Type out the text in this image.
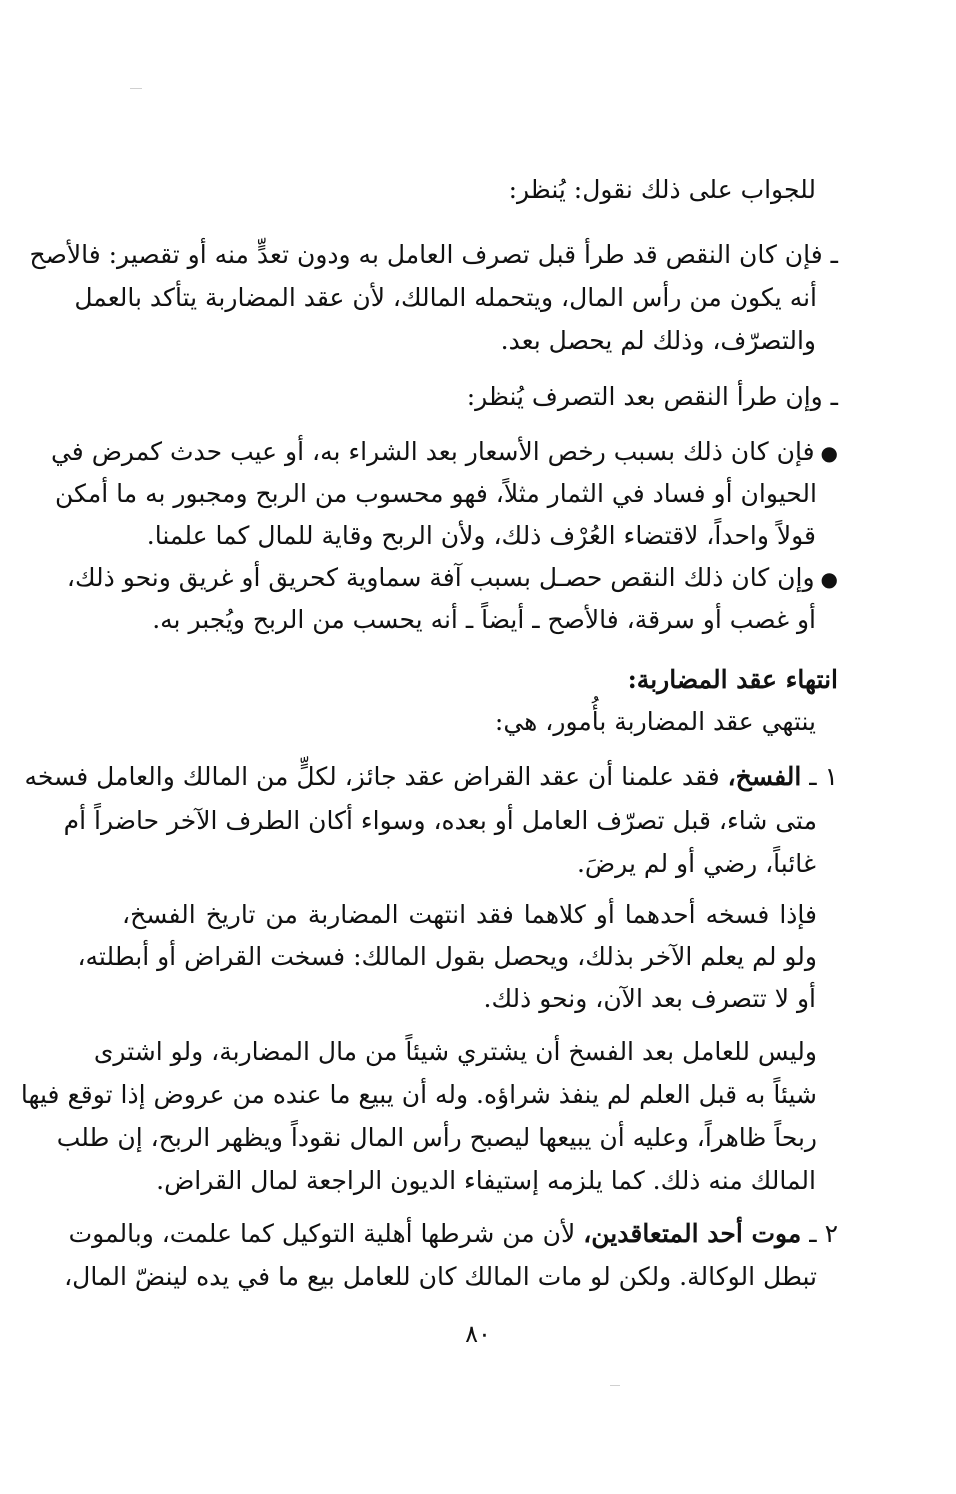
للجواب على ذلك نقول: يُنظر:
ـ فإن كان النقص قد طرأ قبل تصرف العامل به ودون تعدٍّ منه أو تقصير: فالأصح
أنه يكون من رأس المال، ويتحمله المالك، لأن عقد المضاربة يتأكد بالعمل
والتصرّف، وذلك لم يحصل بعد.
ـ وإن طرأ النقص بعد التصرف يُنظر:
●فإن كان ذلك بسبب رخص الأسعار بعد الشراء به، أو عيب حدث كمرض في
الحيوان أو فساد في الثمار مثلاً، فهو محسوب من الربح ومجبور به ما أمكن
قولاً واحداً، لاقتضاء العُرْف ذلك، ولأن الربح وقاية للمال كما علمنا.
●وإن كان ذلك النقص حصـل بسبب آفة سماوية كحريق أو غريق ونحو ذلك،
أو غصب أو سرقة، فالأصح ـ أيضاً ـ أنه يحسب من الربح ويُجبر به.
انتهاء عقد المضاربة:
ينتهي عقد المضاربة بأُمور، هي:
١ ـ الفسخ، فقد علمنا أن عقد القراض عقد جائز، لكلٍّ من المالك والعامل فسخه
متى شاء، قبل تصرّف العامل أو بعده، وسواء أكان الطرف الآخر حاضراً أم
غائباً، رضي أو لم يرضَ.
فإذا فسخه أحدهما أو كلاهما فقد انتهت المضاربة من تاريخ الفسخ،
ولو لم يعلم الآخر بذلك، ويحصل بقول المالك: فسخت القراض أو أبطلته،
أو لا تتصرف بعد الآن، ونحو ذلك.
وليس للعامل بعد الفسخ أن يشتري شيئاً من مال المضاربة، ولو اشترى
شيئاً به قبل العلم لم ينفذ شراؤه. وله أن يبيع ما عنده من عروض إذا توقع فيها
ربحاً ظاهراً، وعليه أن يبيعها ليصبح رأس المال نقوداً ويظهر الربح، إن طلب
المالك منه ذلك. كما يلزمه إستيفاء الديون الراجعة لمال القراض.
٢ ـ موت أحد المتعاقدين، لأن من شرطها أهلية التوكيل كما علمت، وبالموت
تبطل الوكالة. ولكن لو مات المالك كان للعامل بيع ما في يده لينضّ المال،
٨٠
